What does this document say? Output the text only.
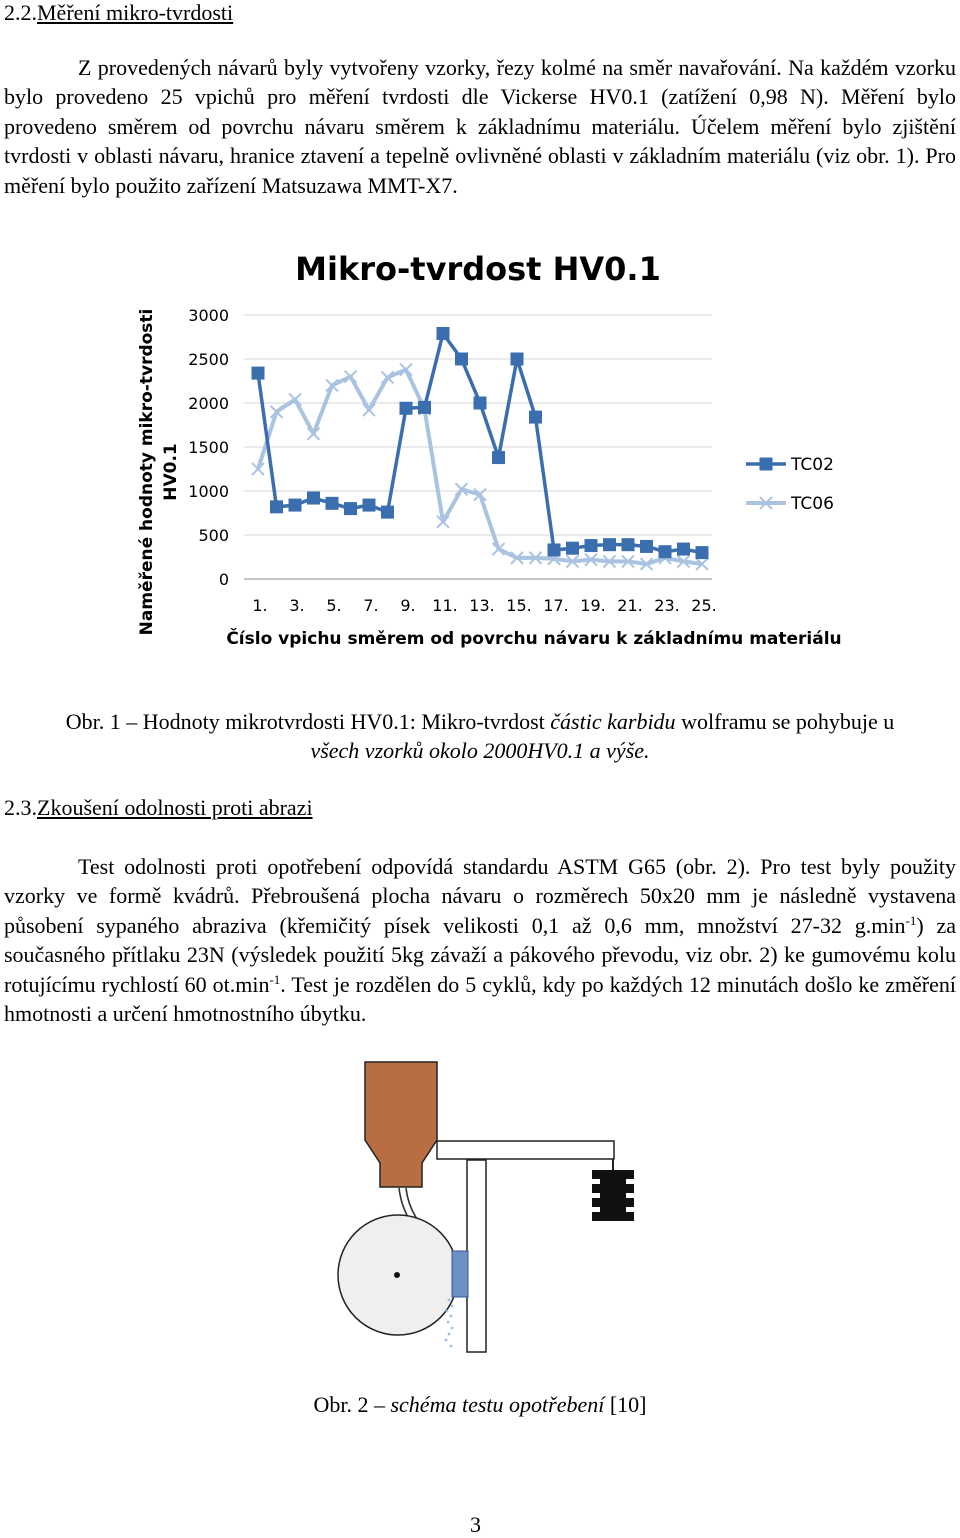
2.2.Měření mikro-tvrdosti
Z provedených návarů byly vytvořeny vzorky, řezy kolmé na směr navařování. Na každém vzorku bylo provedeno 25 vpichů pro měření tvrdosti dle Vickerse HV0.1 (zatížení 0,98 N). Měření bylo provedeno směrem od povrchu návaru směrem k základnímu materiálu. Účelem měření bylo zjištění tvrdosti v oblasti návaru, hranice ztavení a tepelně ovlivněné oblasti v základním materiálu (viz obr. 1). Pro měření bylo použito zařízení Matsuzawa MMT-X7.
Mikro-tvrdost HV0.1
Naměřené hodnoty mikro-tvrdosti HV0.1
0
500
1000
1500
2000
2500
3000
1. 3. 5. 7. 9. 11. 13. 15. 17. 19. 21. 23. 25.
TC02
TC06
Číslo vpichu směrem od povrchu návaru k základnímu materiálu
Obr. 1 – Hodnoty mikrotvrdosti HV0.1: Mikro-tvrdost částic karbidu wolframu se pohybuje u
všech vzorků okolo 2000HV0.1 a výše.
2.3.Zkoušení odolnosti proti abrazi
Test odolnosti proti opotřebení odpovídá standardu ASTM G65 (obr. 2). Pro test byly použity vzorky ve formě kvádrů. Přebroušená plocha návaru o rozměrech 50x20 mm je následně vystavena působení sypaného abraziva (křemičitý písek velikosti 0,1 až 0,6 mm, množství 27-32 $g.\min^{-1}$) za současného přítlaku 23N (výsledek použití 5kg závaží a pákového převodu, viz obr. 2) ke gumovému kolu rotujícímu rychlostí 60 $ot.\min^{-1}$. Test je rozdělen do 5 cyklů, kdy po každých 12 minutách došlo ke změření hmotnosti a určení hmotnostního úbytku.
Obr. 2 – schéma testu opotřebení [10]
3
